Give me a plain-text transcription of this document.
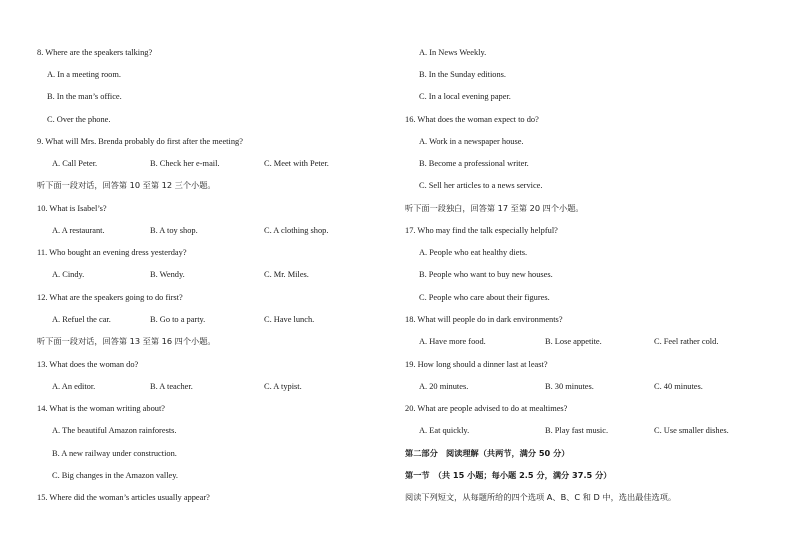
8. Where are the speakers talking?
A. In a meeting room.
B. In the man’s office.
C. Over the phone.
9. What will Mrs. Brenda probably do first after the meeting?
A. Call Peter.	B. Check her e-mail.	C. Meet with Peter.
听下面一段对话，回答第 10 至第 12 三个小题。
10. What is Isabel’s?
A. A restaurant.	B. A toy shop.	C. A clothing shop.
11. Who bought an evening dress yesterday?
A. Cindy.	B. Wendy.	C. Mr. Miles.
12. What are the speakers going to do first?
A. Refuel the car.	B. Go to a party.	C. Have lunch.
听下面一段对话，回答第 13 至第 16 四个小题。
13. What does the woman do?
A. An editor.	B. A teacher.	C. A typist.
14. What is the woman writing about?
A. The beautiful Amazon rainforests.
B. A new railway under construction.
C. Big changes in the Amazon valley.
15. Where did the woman’s articles usually appear?
A. In News Weekly.
B. In the Sunday editions.
C. In a local evening paper.
16. What does the woman expect to do?
A. Work in a newspaper house.
B. Become a professional writer.
C. Sell her articles to a news service.
听下面一段独白，回答第 17 至第 20 四个小题。
17. Who may find the talk especially helpful?
A. People who eat healthy diets.
B. People who want to buy new houses.
C. People who care about their figures.
18. What will people do in dark environments?
A. Have more food.	B. Lose appetite.	C. Feel rather cold.
19. How long should a dinner last at least?
A. 20 minutes.	B. 30 minutes.	C. 40 minutes.
20. What are people advised to do at mealtimes?
A. Eat quickly.	B. Play fast music.	C. Use smaller dishes.
第二部分　阅读理解（共两节，满分 50 分）
第一节　（共 15 小题；每小题 2.5 分，满分 37.5 分）
阅读下列短文，从每题所给的四个选项 A、B、C 和 D 中，选出最佳选项。
